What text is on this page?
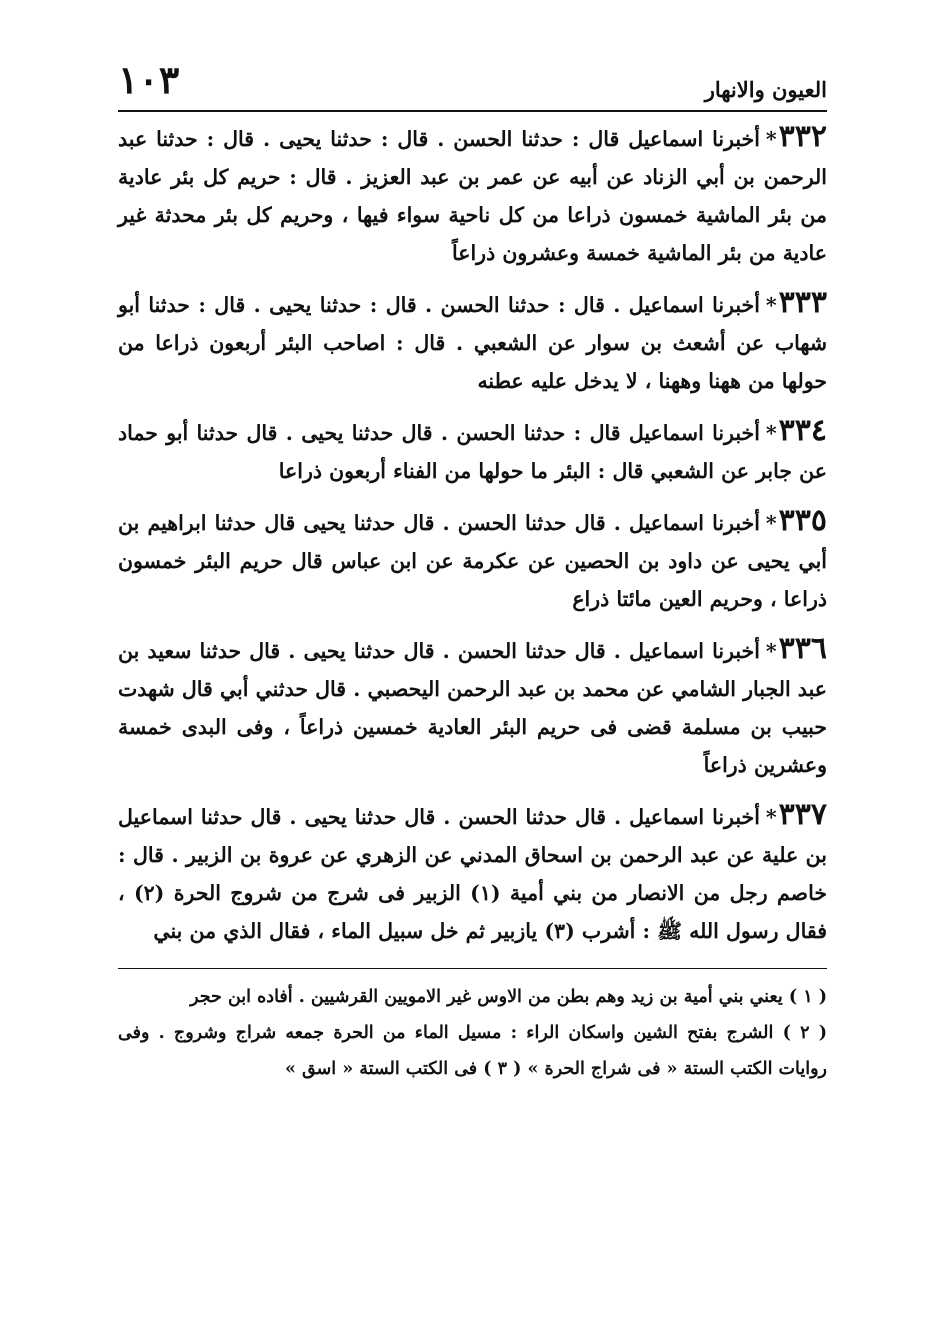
العيون والانهار
١٠٣

٣٣٢*أخبرنا اسماعيل قال : حدثنا الحسن . قال : حدثنا يحيى . قال : حدثنا عبد الرحمن بن أبي الزناد عن أبيه عن عمر بن عبد العزيز . قال : حريم كل بئر عادية من بئر الماشية خمسون ذراعا من كل ناحية سواء فيها ، وحريم كل بئر محدثة غير عادية من بئر الماشية خمسة وعشرون ذراعاً

٣٣٣*أخبرنا اسماعيل . قال : حدثنا الحسن . قال : حدثنا يحيى . قال : حدثنا أبو شهاب عن أشعث بن سوار عن الشعبي . قال : اصاحب البئر أربعون ذراعا من حولها من ههنا وههنا ، لا يدخل عليه عطنه

٣٣٤*أخبرنا اسماعيل قال : حدثنا الحسن . قال حدثنا يحيى . قال حدثنا أبو حماد عن جابر عن الشعبي قال : البئر ما حولها من الفناء أربعون ذراعا

٣٣٥*أخبرنا اسماعيل . قال حدثنا الحسن . قال حدثنا يحيى قال حدثنا ابراهيم بن أبي يحيى عن داود بن الحصين عن عكرمة عن ابن عباس قال حريم البئر خمسون ذراعا ، وحريم العين مائتا ذراع

٣٣٦*أخبرنا اسماعيل . قال حدثنا الحسن . قال حدثنا يحيى . قال حدثنا سعيد بن عبد الجبار الشامي عن محمد بن عبد الرحمن اليحصبي . قال حدثني أبي قال شهدت حبيب بن مسلمة قضى فى حريم البئر العادية خمسين ذراعاً ، وفى البدى خمسة وعشرين ذراعاً

٣٣٧*أخبرنا اسماعيل . قال حدثنا الحسن . قال حدثنا يحيى . قال حدثنا اسماعيل بن علية عن عبد الرحمن بن اسحاق المدني عن الزهري عن عروة بن الزبير . قال : خاصم رجل من الانصار من بني أمية (١) الزبير فى شرج من شروج الحرة (٢) ، فقال رسول الله ﷺ : أشرب (٣) يازبير ثم خل سبيل الماء ، فقال الذي من بني

( ١ ) يعني بني أمية بن زيد وهم بطن من الاوس غير الامويين القرشيين . أفاده ابن حجر

( ٢ ) الشرج بفتح الشين واسكان الراء : مسيل الماء من الحرة جمعه شراج وشروج . وفى روايات الكتب الستة « فى شراج الحرة » ( ٣ ) فى الكتب الستة « اسق »
